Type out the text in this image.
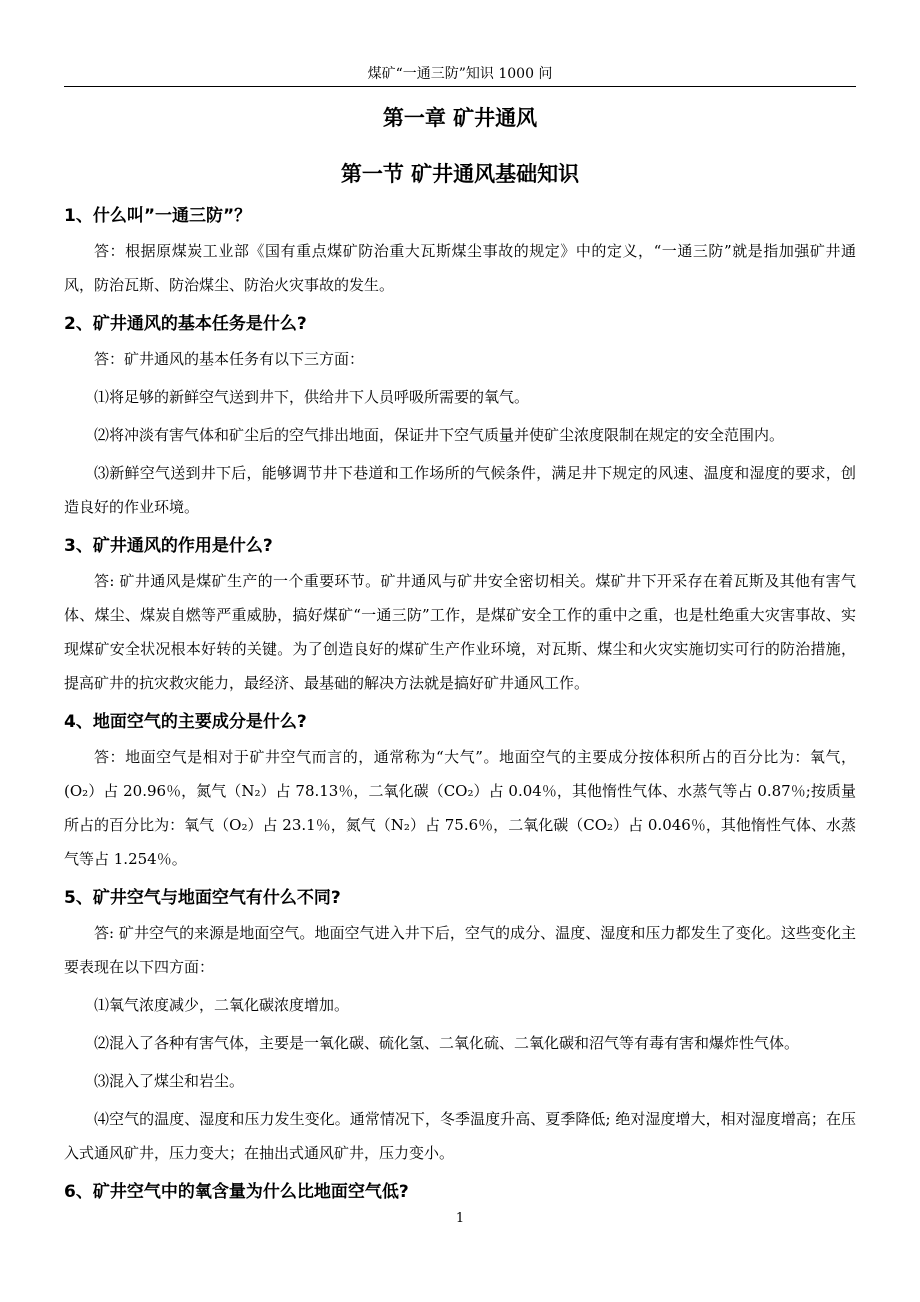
煤矿“一通三防”知识 1000 问
第一章 矿井通风
第一节 矿井通风基础知识
1、什么叫”一通三防”？

答：根据原煤炭工业部《国有重点煤矿防治重大瓦斯煤尘事故的规定》中的定义，“一通三防”就是指加强矿井通风，防治瓦斯、防治煤尘、防治火灾事故的发生。

2、矿井通风的基本任务是什么?

答：矿井通风的基本任务有以下三方面：

⑴将足够的新鲜空气送到井下，供给井下人员呼吸所需要的氧气。

⑵将冲淡有害气体和矿尘后的空气排出地面，保证井下空气质量并使矿尘浓度限制在规定的安全范围内。

⑶新鲜空气送到井下后，能够调节井下巷道和工作场所的气候条件，满足井下规定的风速、温度和湿度的要求，创造良好的作业环境。

3、矿井通风的作用是什么?

答: 矿井通风是煤矿生产的一个重要环节。矿井通风与矿井安全密切相关。煤矿井下开采存在着瓦斯及其他有害气体、煤尘、煤炭自燃等严重威胁，搞好煤矿“一通三防”工作，是煤矿安全工作的重中之重，也是杜绝重大灾害事故、实现煤矿安全状况根本好转的关键。为了创造良好的煤矿生产作业环境，对瓦斯、煤尘和火灾实施切实可行的防治措施，提高矿井的抗灾救灾能力，最经济、最基础的解决方法就是搞好矿井通风工作。

4、地面空气的主要成分是什么?

答：地面空气是相对于矿井空气而言的，通常称为“大气”。地面空气的主要成分按体积所占的百分比为：氧气，(O₂）占 20.96％，氮气（N₂）占 78.13％，二氧化碳（CO₂）占 0.04％，其他惰性气体、水蒸气等占 0.87％;按质量所占的百分比为：氧气（O₂）占 23.1％，氮气（N₂）占 75.6％，二氧化碳（CO₂）占 0.046％，其他惰性气体、水蒸气等占 1.254％。

5、矿井空气与地面空气有什么不同?

答: 矿井空气的来源是地面空气。地面空气进入井下后，空气的成分、温度、湿度和压力都发生了变化。这些变化主要表现在以下四方面：

⑴氧气浓度减少，二氧化碳浓度增加。

⑵混入了各种有害气体，主要是一氧化碳、硫化氢、二氧化硫、二氧化碳和沼气等有毒有害和爆炸性气体。

⑶混入了煤尘和岩尘。

⑷空气的温度、湿度和压力发生变化。通常情况下，冬季温度升高、夏季降低; 绝对湿度增大，相对湿度增高；在压入式通风矿井，压力变大；在抽出式通风矿井，压力变小。

6、矿井空气中的氧含量为什么比地面空气低?
1
